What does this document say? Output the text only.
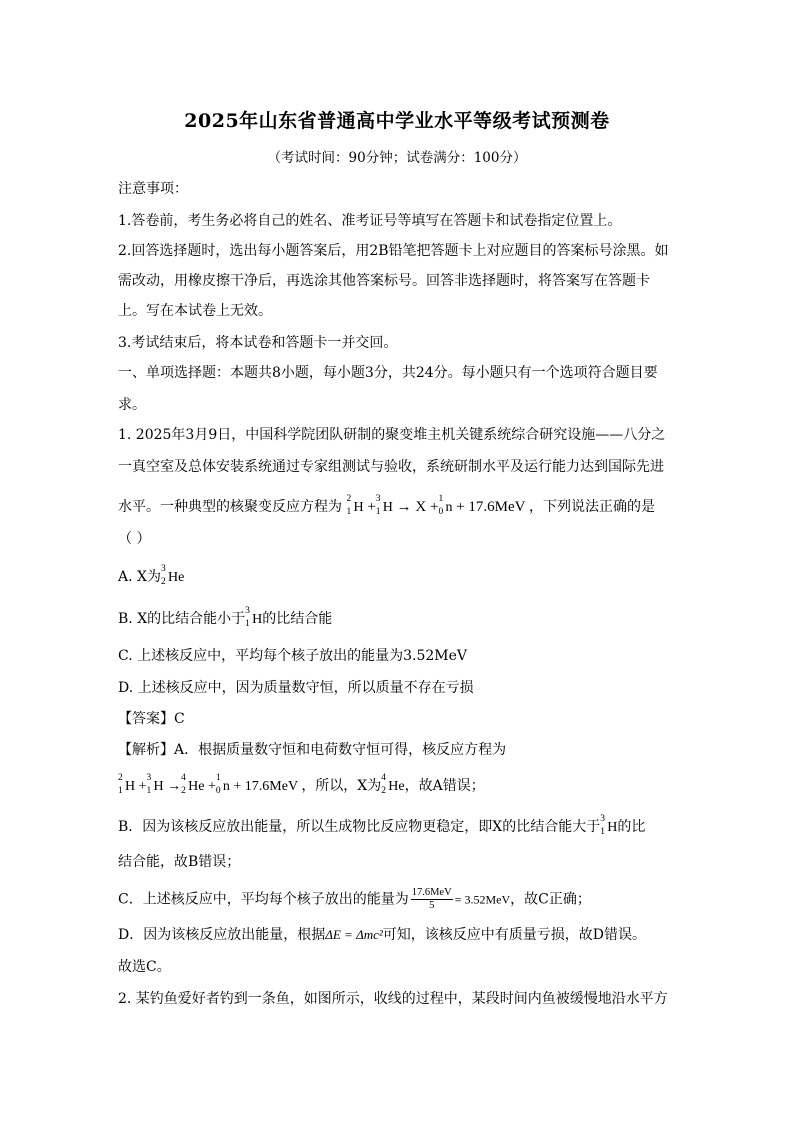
2025年山东省普通高中学业水平等级考试预测卷
（考试时间：90分钟；试卷满分：100分）
注意事项：
1.答卷前，考生务必将自己的姓名、准考证号等填写在答题卡和试卷指定位置上。
2.回答选择题时，选出每小题答案后，用2B铅笔把答题卡上对应题目的答案标号涂黑。如
需改动，用橡皮擦干净后，再选涂其他答案标号。回答非选择题时，将答案写在答题卡
上。写在本试卷上无效。
3.考试结束后，将本试卷和答题卡一并交回。
一、单项选择题：本题共8小题，每小题3分，共24分。每小题只有一个选项符合题目要
求。
1. 2025年3月9日，中国科学院团队研制的聚变堆主机关键系统综合研究设施——八分之
一真空室及总体安装系统通过专家组测试与验收，系统研制水平及运行能力达到国际先进
水平。一种典型的核聚变反应方程为 2
1 H + 3
1 H → X + 1
0 n + 17.6MeV ，下列说法正确的是
（ ）
A. X为 3
2 He
B. X的比结合能小于 3
1 H的比结合能
C. 上述核反应中，平均每个核子放出的能量为3.52MeV
D. 上述核反应中，因为质量数守恒，所以质量不存在亏损
【答案】C
【解析】A．根据质量数守恒和电荷数守恒可得，核反应方程为
2
1 H +
3
1 H →
4
2 He +
1
0 n + 17.6MeV ，所以，X为 4
2 He，故A错误；
B．因为该核反应放出能量，所以生成物比反应物更稳定，即X的比结合能大于 3
1 H的比
结合能，故B错误；
C．上述核反应中，平均每个核子放出的能量为 $\frac{\text{17.6MeV}}{5} = 3.52MeV$，故C正确；
D．因为该核反应放出能量，根据ΔE = Δmc²可知，该核反应中有质量亏损，故D错误。
故选C。
2. 某钓鱼爱好者钓到一条鱼，如图所示，收线的过程中，某段时间内鱼被缓慢地沿水平方
